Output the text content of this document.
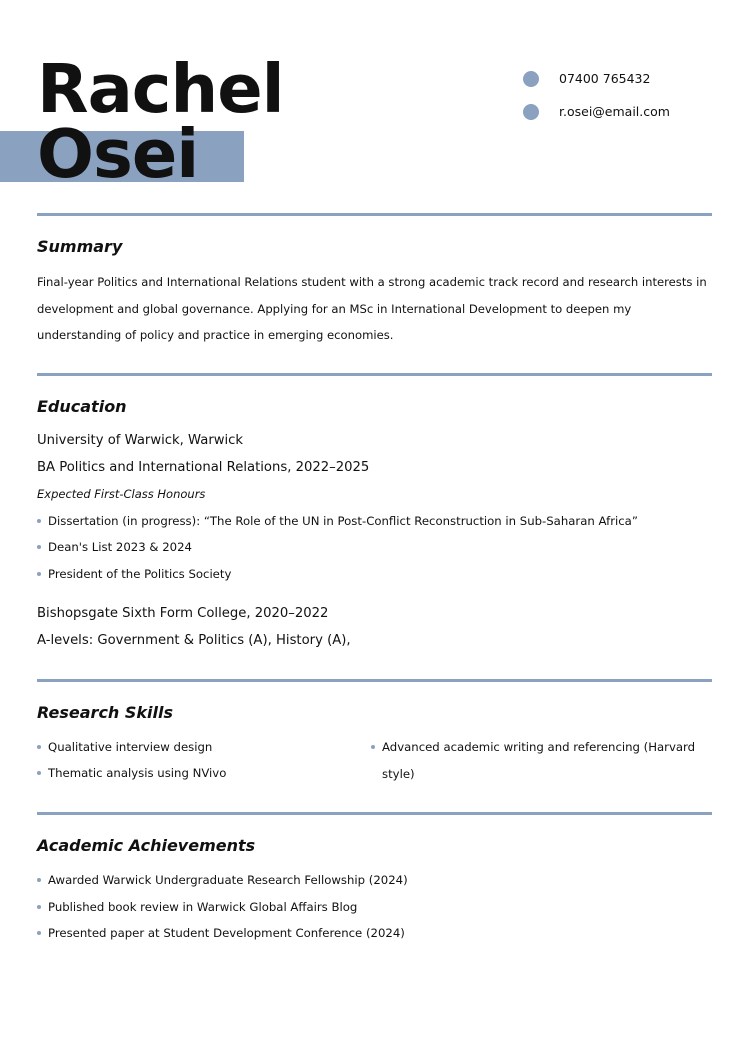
Rachel
Osei
07400 765432
r.osei@email.com
Summary
Final-year Politics and International Relations student with a strong academic track record and research interests in development and global governance. Applying for an MSc in International Development to deepen my understanding of policy and practice in emerging economies.
Education
University of Warwick, Warwick
BA Politics and International Relations, 2022–2025
Expected First-Class Honours
Dissertation (in progress): “The Role of the UN in Post-Conflict Reconstruction in Sub-Saharan Africa”
Dean's List 2023 & 2024
President of the Politics Society
Bishopsgate Sixth Form College, 2020–2022
A-levels: Government & Politics (A), History (A),
Research Skills
Qualitative interview design
Thematic analysis using NVivo
Advanced academic writing and referencing (Harvard style)
Academic Achievements
Awarded Warwick Undergraduate Research Fellowship (2024)
Published book review in Warwick Global Affairs Blog
Presented paper at Student Development Conference (2024)
